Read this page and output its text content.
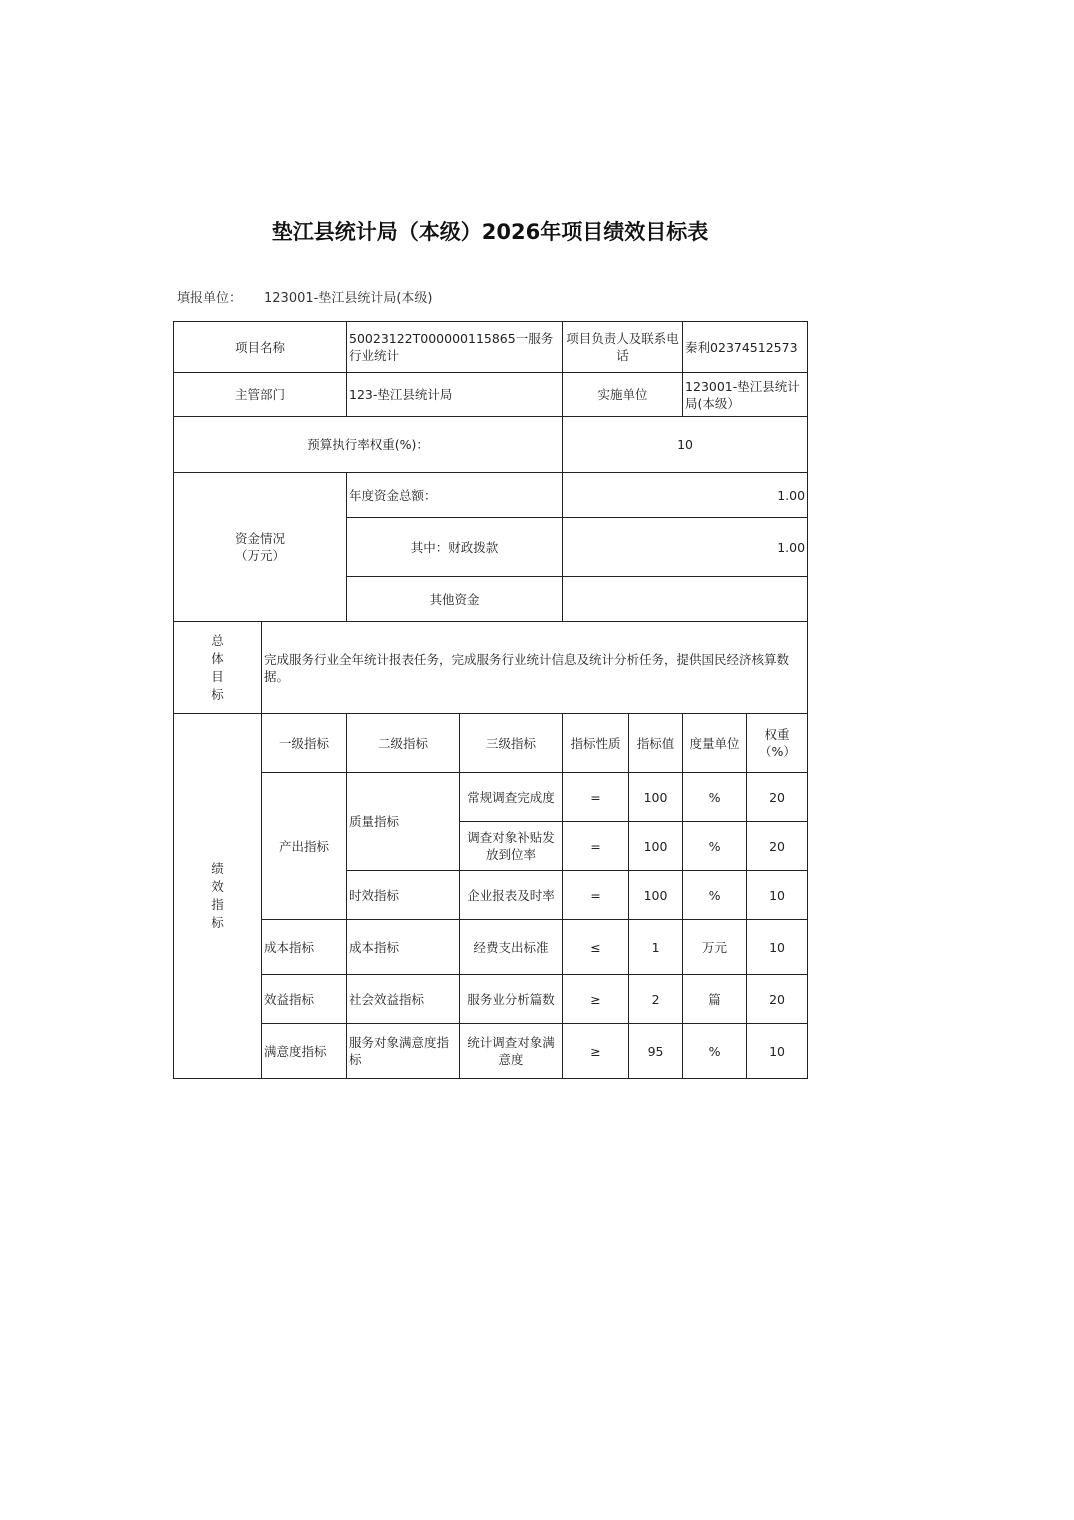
垫江县统计局（本级）2026年项目绩效目标表
填报单位： 123001-垫江县统计局(本级)
项目名称		50023122T000000115865一服务行业统计		项目负责人及联系电话		秦利02374512573	
主管部门		123-垫江县统计局		实施单位		123001-垫江县统计局(本级）	
预算执行率权重(%)：				10			
资金情况（万元）		年度资金总额：		1.00			
		其中：财政拨款		1.00			
		其他资金					
总体目标	完成服务行业全年统计报表任务，完成服务行业统计信息及统计分析任务，提供国民经济核算数据。						
绩效指标	一级指标	二级指标	三级指标	指标性质	指标值	度量单位	权重（%）
	产出指标	质量指标	常规调查完成度	=	100	%	20
			调查对象补贴发放到位率	=	100	%	20
		时效指标	企业报表及时率	=	100	%	10
	成本指标	成本指标	经费支出标准	≤	1	万元	10
	效益指标	社会效益指标	服务业分析篇数	≥	2	篇	20
	满意度指标	服务对象满意度指标	统计调查对象满意度	≥	95	%	10
